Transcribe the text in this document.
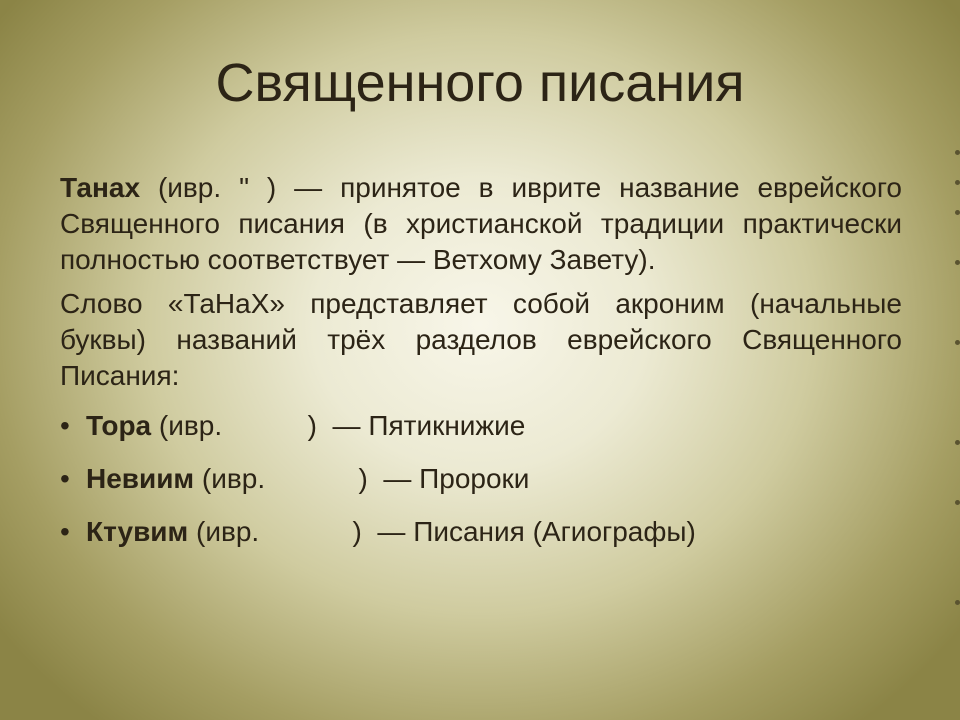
Священного писания

Танах (ивр. " ) — принятое в иврите название еврейского Священного писания (в христианской традиции практически полностью соответствует — Ветхому Завету).

Слово «ТаНаХ» представляет собой акроним (начальные буквы) названий трёх разделов еврейского Священного Писания:

• Тора (ивр.           )  — Пятикнижие
• Невиим (ивр.            )  — Пророки
• Ктувим (ивр.            )  — Писания (Агиографы)
